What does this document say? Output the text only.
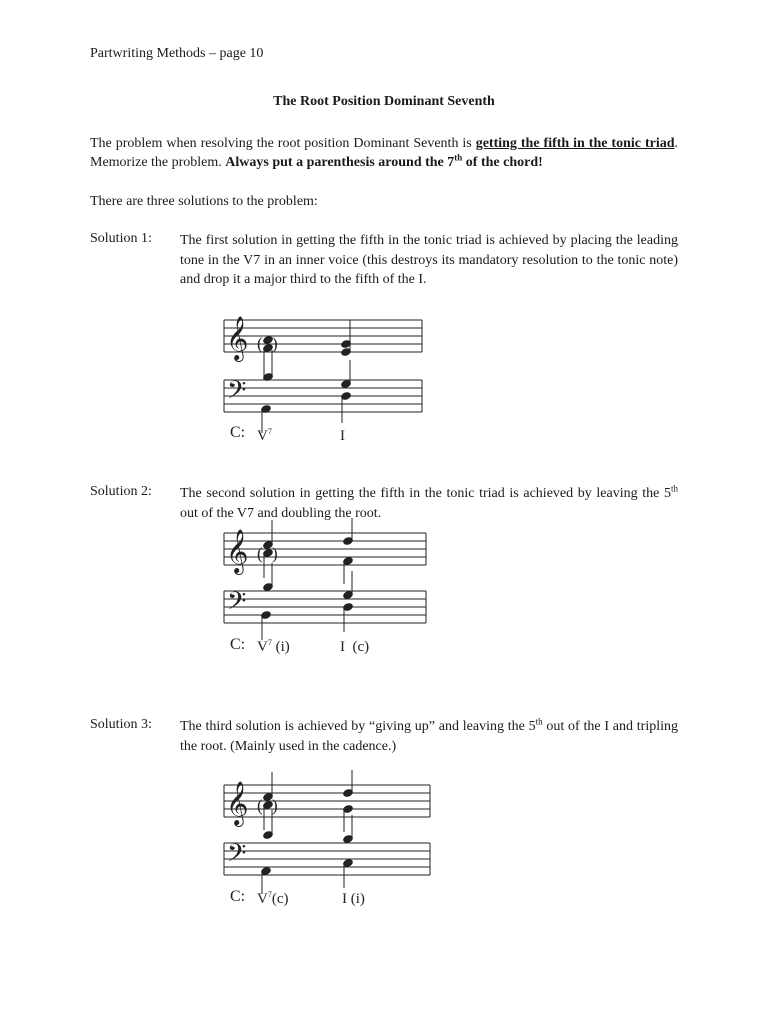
Partwriting Methods – page 10
The Root Position Dominant Seventh
The problem when resolving the root position Dominant Seventh is getting the fifth in the tonic triad. Memorize the problem. Always put a parenthesis around the 7th of the chord!
There are three solutions to the problem:
Solution 1: The first solution in getting the fifth in the tonic triad is achieved by placing the leading tone in the V7 in an inner voice (this destroys its mandatory resolution to the tonic note) and drop it a major third to the fifth of the I.
𝄞
𝄢
( )
C: $V^7$	I
Solution 2: The second solution in getting the fifth in the tonic triad is achieved by leaving the 5th out of the V7 and doubling the root.
𝄞
𝄢
( )
C: $V^7$ (i)	I  (c)
Solution 3: The third solution is achieved by “giving up” and leaving the 5th out of the I and tripling the root. (Mainly used in the cadence.)
𝄞
𝄢
( )
C: $V^7(c)$	I (i)
